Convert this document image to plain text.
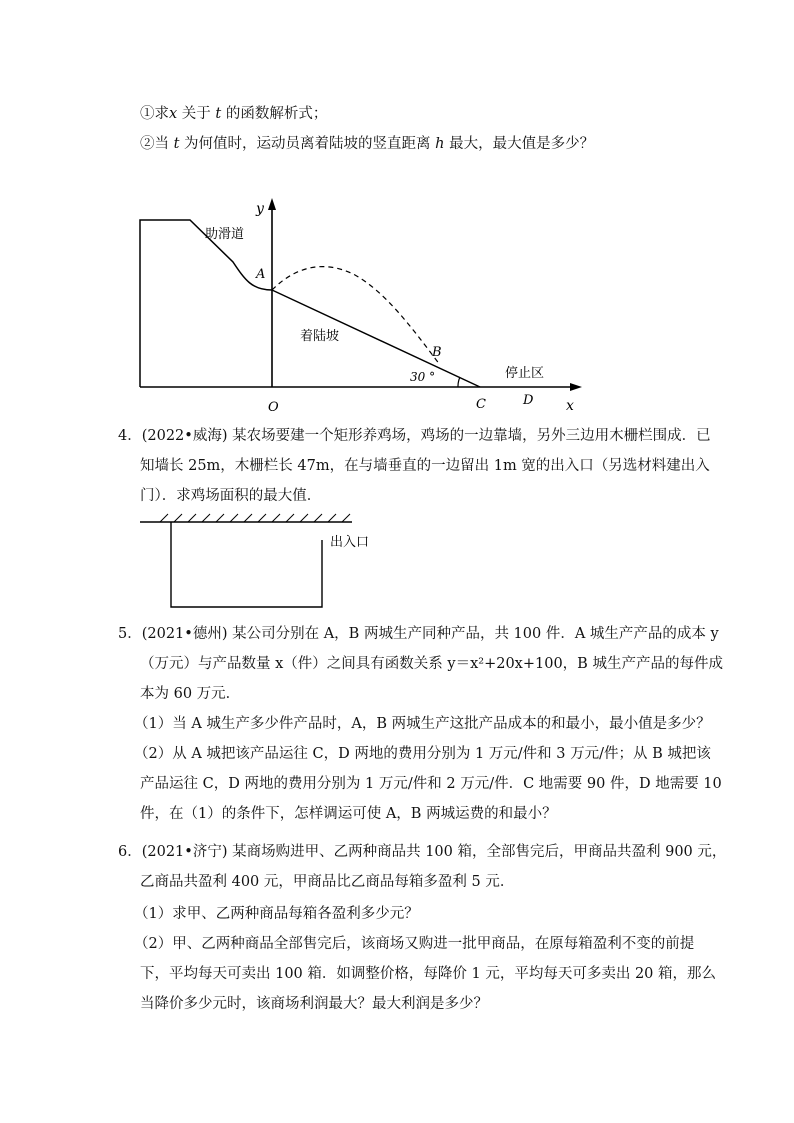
①求x 关于 t 的函数解析式；
②当 t 为何值时，运动员离着陆坡的竖直距离 h 最大，最大值是多少？
y
x
O
A
B
C	D
助滑道
着陆坡
停止区
30 °
4．(2022•威海) 某农场要建一个矩形养鸡场，鸡场的一边靠墙，另外三边用木栅栏围成．已
知墙长 25m，木栅栏长 47m，在与墙垂直的一边留出 1m 宽的出入口（另选材料建出入
门）．求鸡场面积的最大值．
出入口
5．(2021•德州) 某公司分别在 A，B 两城生产同种产品，共 100 件．A 城生产产品的成本 y
（万元）与产品数量 x（件）之间具有函数关系 y＝x²+20x+100，B 城生产产品的每件成
本为 60 万元．
（1）当 A 城生产多少件产品时，A，B 两城生产这批产品成本的和最小，最小值是多少？
（2）从 A 城把该产品运往 C，D 两地的费用分别为 1 万元/件和 3 万元/件；从 B 城把该
产品运往 C，D 两地的费用分别为 1 万元/件和 2 万元/件．C 地需要 90 件，D 地需要 10
件，在（1）的条件下，怎样调运可使 A，B 两城运费的和最小？
6．(2021•济宁) 某商场购进甲、乙两种商品共 100 箱，全部售完后，甲商品共盈利 900 元，
乙商品共盈利 400 元，甲商品比乙商品每箱多盈利 5 元．
（1）求甲、乙两种商品每箱各盈利多少元？
（2）甲、乙两种商品全部售完后，该商场又购进一批甲商品，在原每箱盈利不变的前提
下，平均每天可卖出 100 箱．如调整价格，每降价 1 元，平均每天可多卖出 20 箱，那么
当降价多少元时，该商场利润最大？最大利润是多少？
